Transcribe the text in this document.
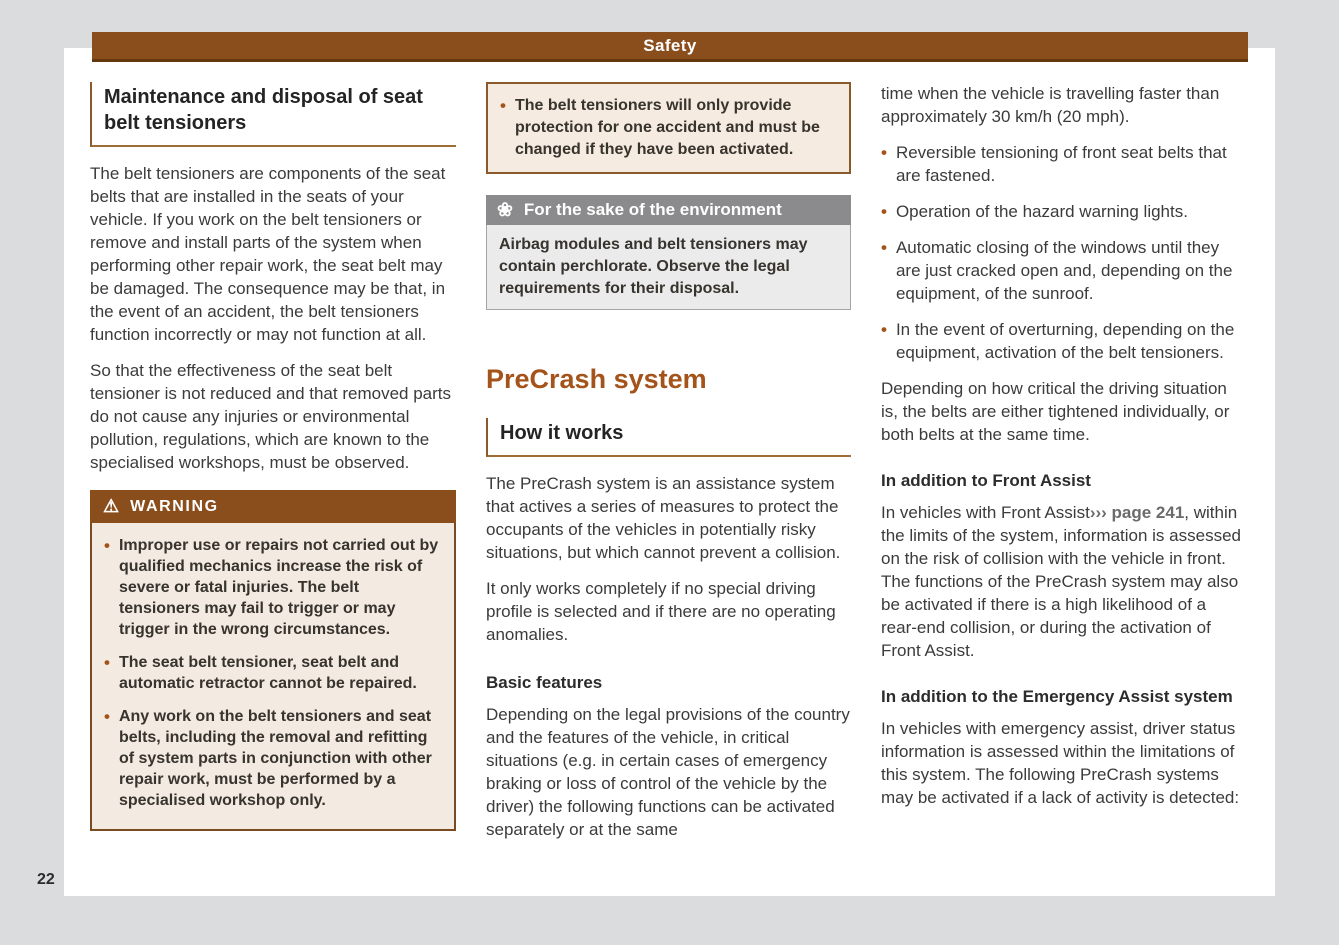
Maintenance and disposal of seat belt tensioners

The belt tensioners are components of the seat belts that are installed in the seats of your vehicle. If you work on the belt tensioners or remove and install parts of the system when performing other repair work, the seat belt may be damaged. The consequence may be that, in the event of an accident, the belt tensioners function incorrectly or may not function at all.

So that the effectiveness of the seat belt tensioner is not reduced and that removed parts do not cause any injuries or environmental pollution, regulations, which are known to the specialised workshops, must be observed.

⚠ WARNING

• Improper use or repairs not carried out by qualified mechanics increase the risk of severe or fatal injuries. The belt tensioners may fail to trigger or may trigger in the wrong circumstances.

• The seat belt tensioner, seat belt and automatic retractor cannot be repaired.

• Any work on the belt tensioners and seat belts, including the removal and refitting of system parts in conjunction with other repair work, must be performed by a specialised workshop only.

• The belt tensioners will only provide protection for one accident and must be changed if they have been activated.

❀ For the sake of the environment
Airbag modules and belt tensioners may contain perchlorate. Observe the legal requirements for their disposal.
PreCrash system
How it works

The PreCrash system is an assistance system that actives a series of measures to protect the occupants of the vehicles in potentially risky situations, but which cannot prevent a collision.

It only works completely if no special driving profile is selected and if there are no operating anomalies.

Basic features

Depending on the legal provisions of the country and the features of the vehicle, in critical situations (e.g. in certain cases of emergency braking or loss of control of the vehicle by the driver) the following functions can be activated separately or at the same

time when the vehicle is travelling faster than approximately 30 km/h (20 mph).

• Reversible tensioning of front seat belts that are fastened.

• Operation of the hazard warning lights.

• Automatic closing of the windows until they are just cracked open and, depending on the equipment, of the sunroof.

• In the event of overturning, depending on the equipment, activation of the belt tensioners.

Depending on how critical the driving situation is, the belts are either tightened individually, or both belts at the same time.

In addition to Front Assist

In vehicles with Front Assist››› page 241, within the limits of the system, information is assessed on the risk of collision with the vehicle in front. The functions of the PreCrash system may also be activated if there is a high likelihood of a rear-end collision, or during the activation of Front Assist.

In addition to the Emergency Assist system

In vehicles with emergency assist, driver status information is assessed within the limitations of this system. The following PreCrash systems may be activated if a lack of activity is detected:

Safety
22
